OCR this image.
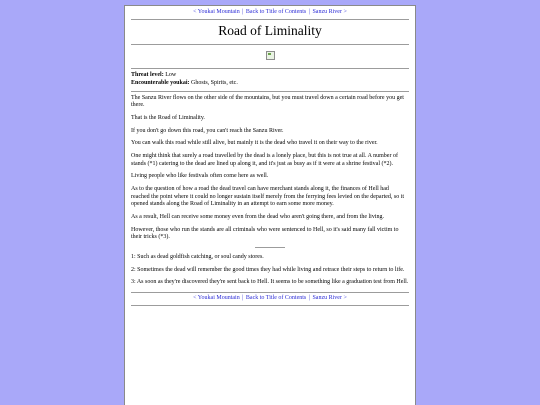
< Youkai Mountain | Back to Title of Contents | Sanzu River >
Road of Liminality

Threat level: Low

Encounterable youkai: Ghosts, Spirits, etc.

The Sanzu River flows on the other side of the mountains, but you must travel down a certain road before you get there.

That is the Road of Liminality.

If you don't go down this road, you can't reach the Sanzu River.

You can walk this road while still alive, but mainly it is the dead who travel it on their way to the river.

One might think that surely a road travelled by the dead is a lonely place, but this is not true at all. A number of stands (*1) catering to the dead are lined up along it, and it's just as busy as if it were at a shrine festival (*2).

Living people who like festivals often come here as well.

As to the question of how a road the dead travel can have merchant stands along it, the finances of Hell had reached the point where it could no longer sustain itself merely from the ferrying fees levied on the departed, so it opened stands along the Road of Liminality in an attempt to earn some more money.

As a result, Hell can receive some money even from the dead who aren't going there, and from the living.

However, those who run the stands are all criminals who were sentenced to Hell, so it's said many fall victim to their tricks (*3).

1: Such as dead goldfish catching, or soul candy stores.

2: Sometimes the dead will remember the good times they had while living and retrace their steps to return to life.

3: As soon as they're discovered they're sent back to Hell. It seems to be something like a graduation test from Hell.

< Youkai Mountain | Back to Title of Contents | Sanzu River >
